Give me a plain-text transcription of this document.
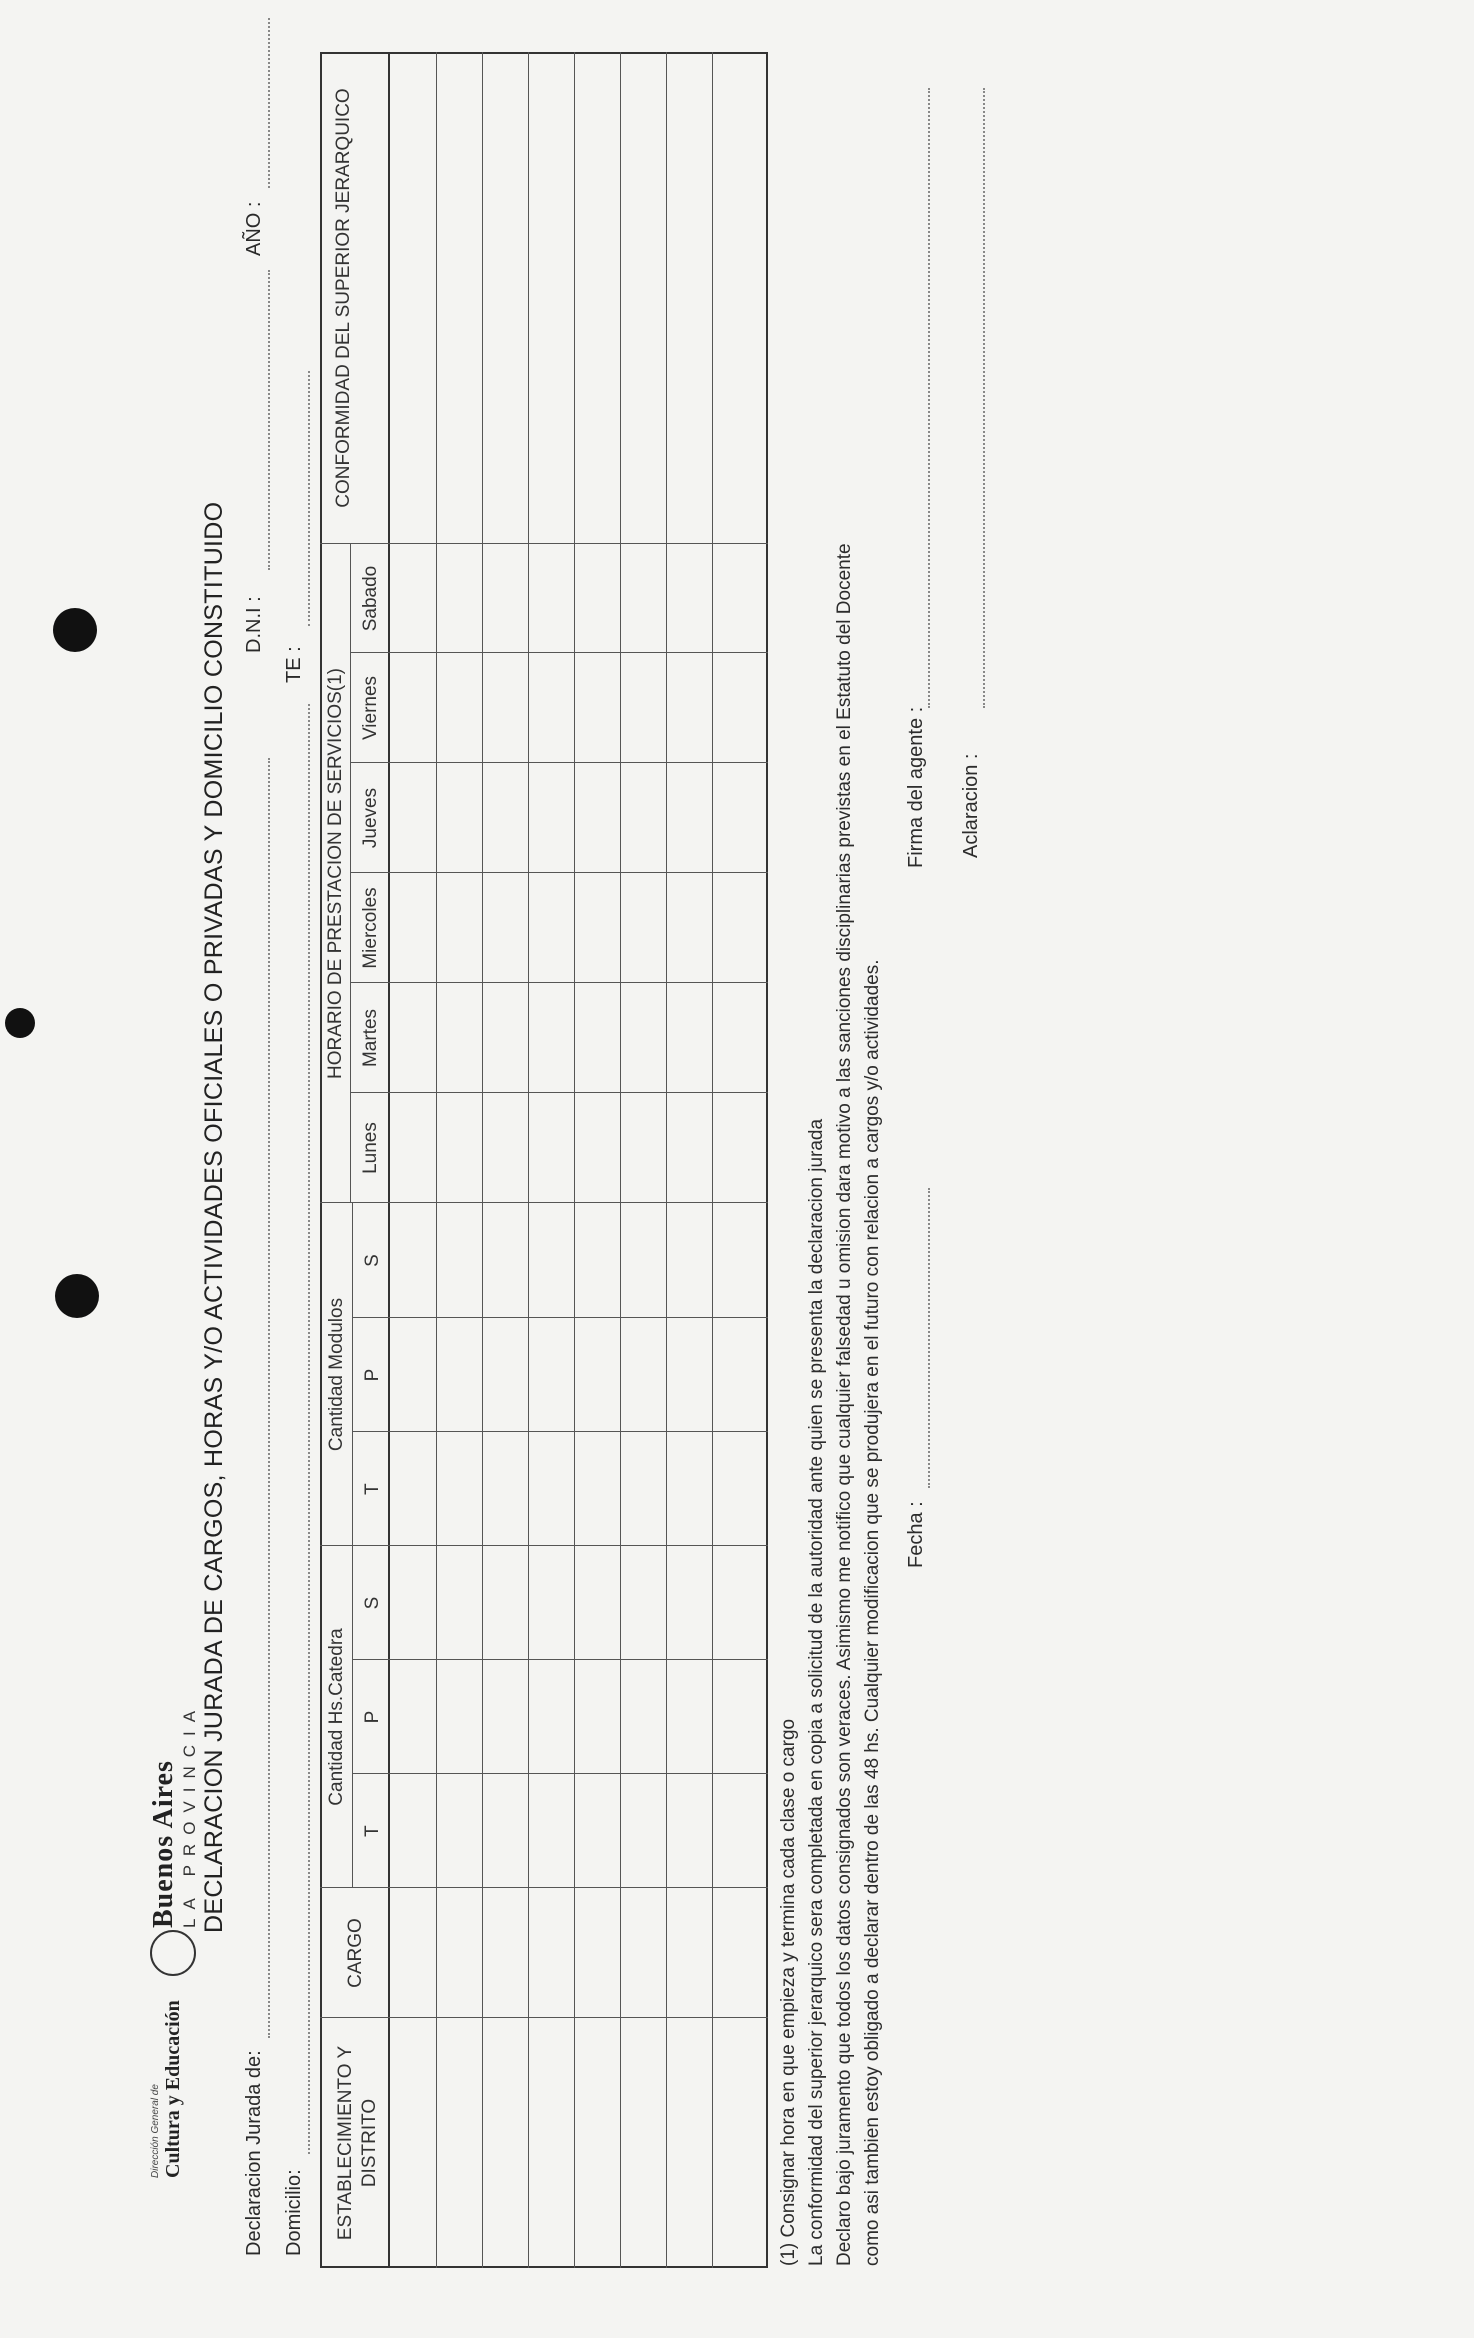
Dirección General de Cultura y Educación
Buenos Aires LA PROVINCIA DECLARACION JURADA DE CARGOS, HORAS Y/O ACTIVIDADES OFICIALES O PRIVADAS Y DOMICILIO CONSTITUIDO
Declaracion Jurada de:
D.N.I :
AÑO :
Domicilio:
TE :
ESTABLECIMIENTO Y DISTRITO
CARGO
Cantidad Hs.Catedra
Cantidad Modulos
T
P
S
T
P
S
HORARIO DE PRESTACION DE SERVICIOS(1)
Lunes
Martes
Miercoles
Jueves
Viernes
Sabado
CONFORMIDAD DEL SUPERIOR JERARQUICO
(1) Consignar hora en que empieza y termina cada clase o cargo La conformidad del superior jerarquico sera completada en copia a solicitud de la autoridad ante quien se presenta la declaracion jurada Declaro bajo juramento que todos los datos consignados son veraces. Asimismo me notifico que cualquier falsedad u omision dara motivo a las sanciones disciplinarias previstas en el Estatuto del Docente como asi tambien estoy obligado a declarar dentro de las 48 hs. Cualquier modificacion que se produjera en el futuro con relacion a cargos y/o actividades. Fecha :
Firma del agente : Aclaracion :
